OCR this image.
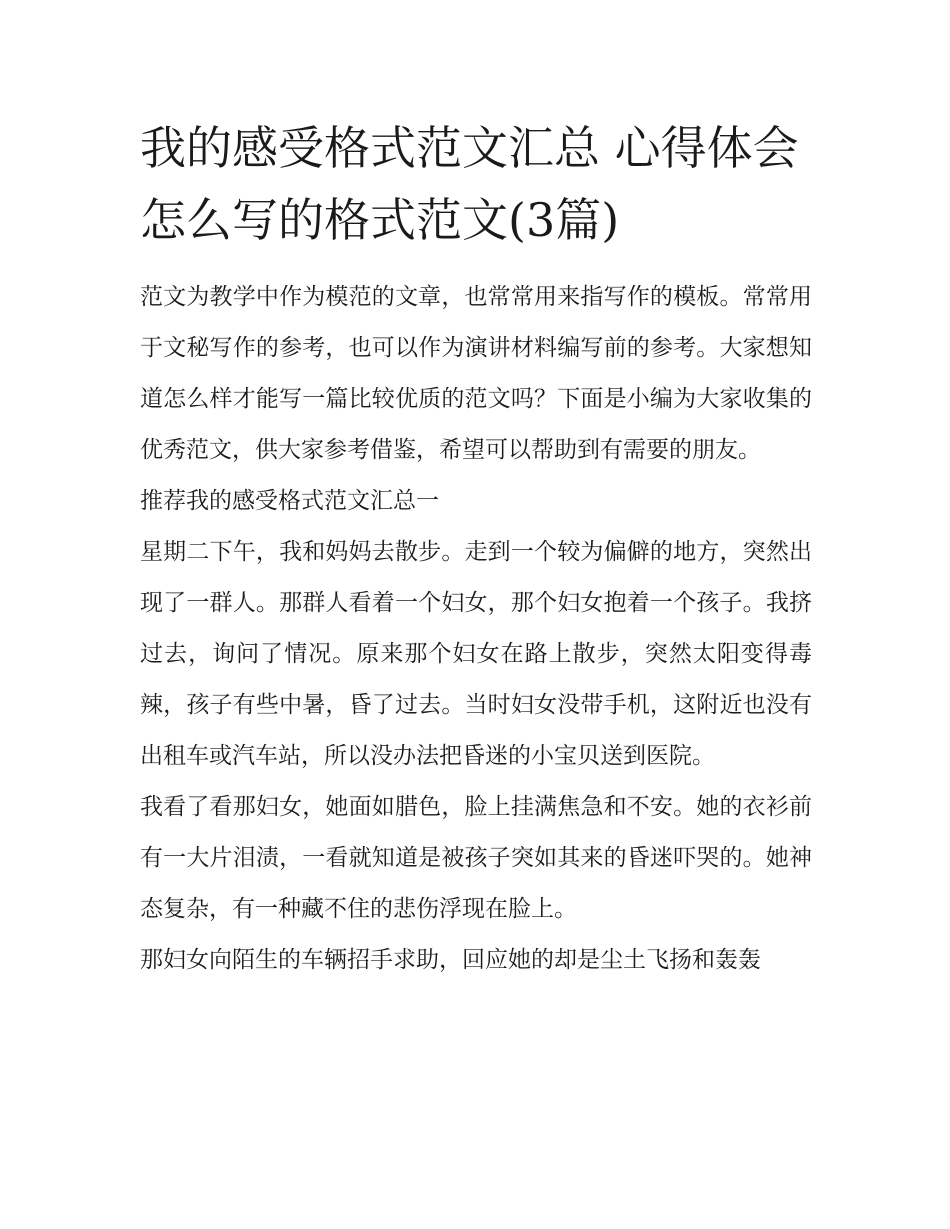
我的感受格式范文汇总 心得体会怎么写的格式范文(3篇)

范文为教学中作为模范的文章，也常常用来指写作的模板。常常用于文秘写作的参考，也可以作为演讲材料编写前的参考。大家想知道怎么样才能写一篇比较优质的范文吗？下面是小编为大家收集的优秀范文，供大家参考借鉴，希望可以帮助到有需要的朋友。

推荐我的感受格式范文汇总一

星期二下午，我和妈妈去散步。走到一个较为偏僻的地方，突然出现了一群人。那群人看着一个妇女，那个妇女抱着一个孩子。我挤过去，询问了情况。原来那个妇女在路上散步，突然太阳变得毒辣，孩子有些中暑，昏了过去。当时妇女没带手机，这附近也没有出租车或汽车站，所以没办法把昏迷的小宝贝送到医院。

我看了看那妇女，她面如腊色，脸上挂满焦急和不安。她的衣衫前有一大片泪渍，一看就知道是被孩子突如其来的昏迷吓哭的。她神态复杂，有一种藏不住的悲伤浮现在脸上。

那妇女向陌生的车辆招手求助，回应她的却是尘土飞扬和轰轰
